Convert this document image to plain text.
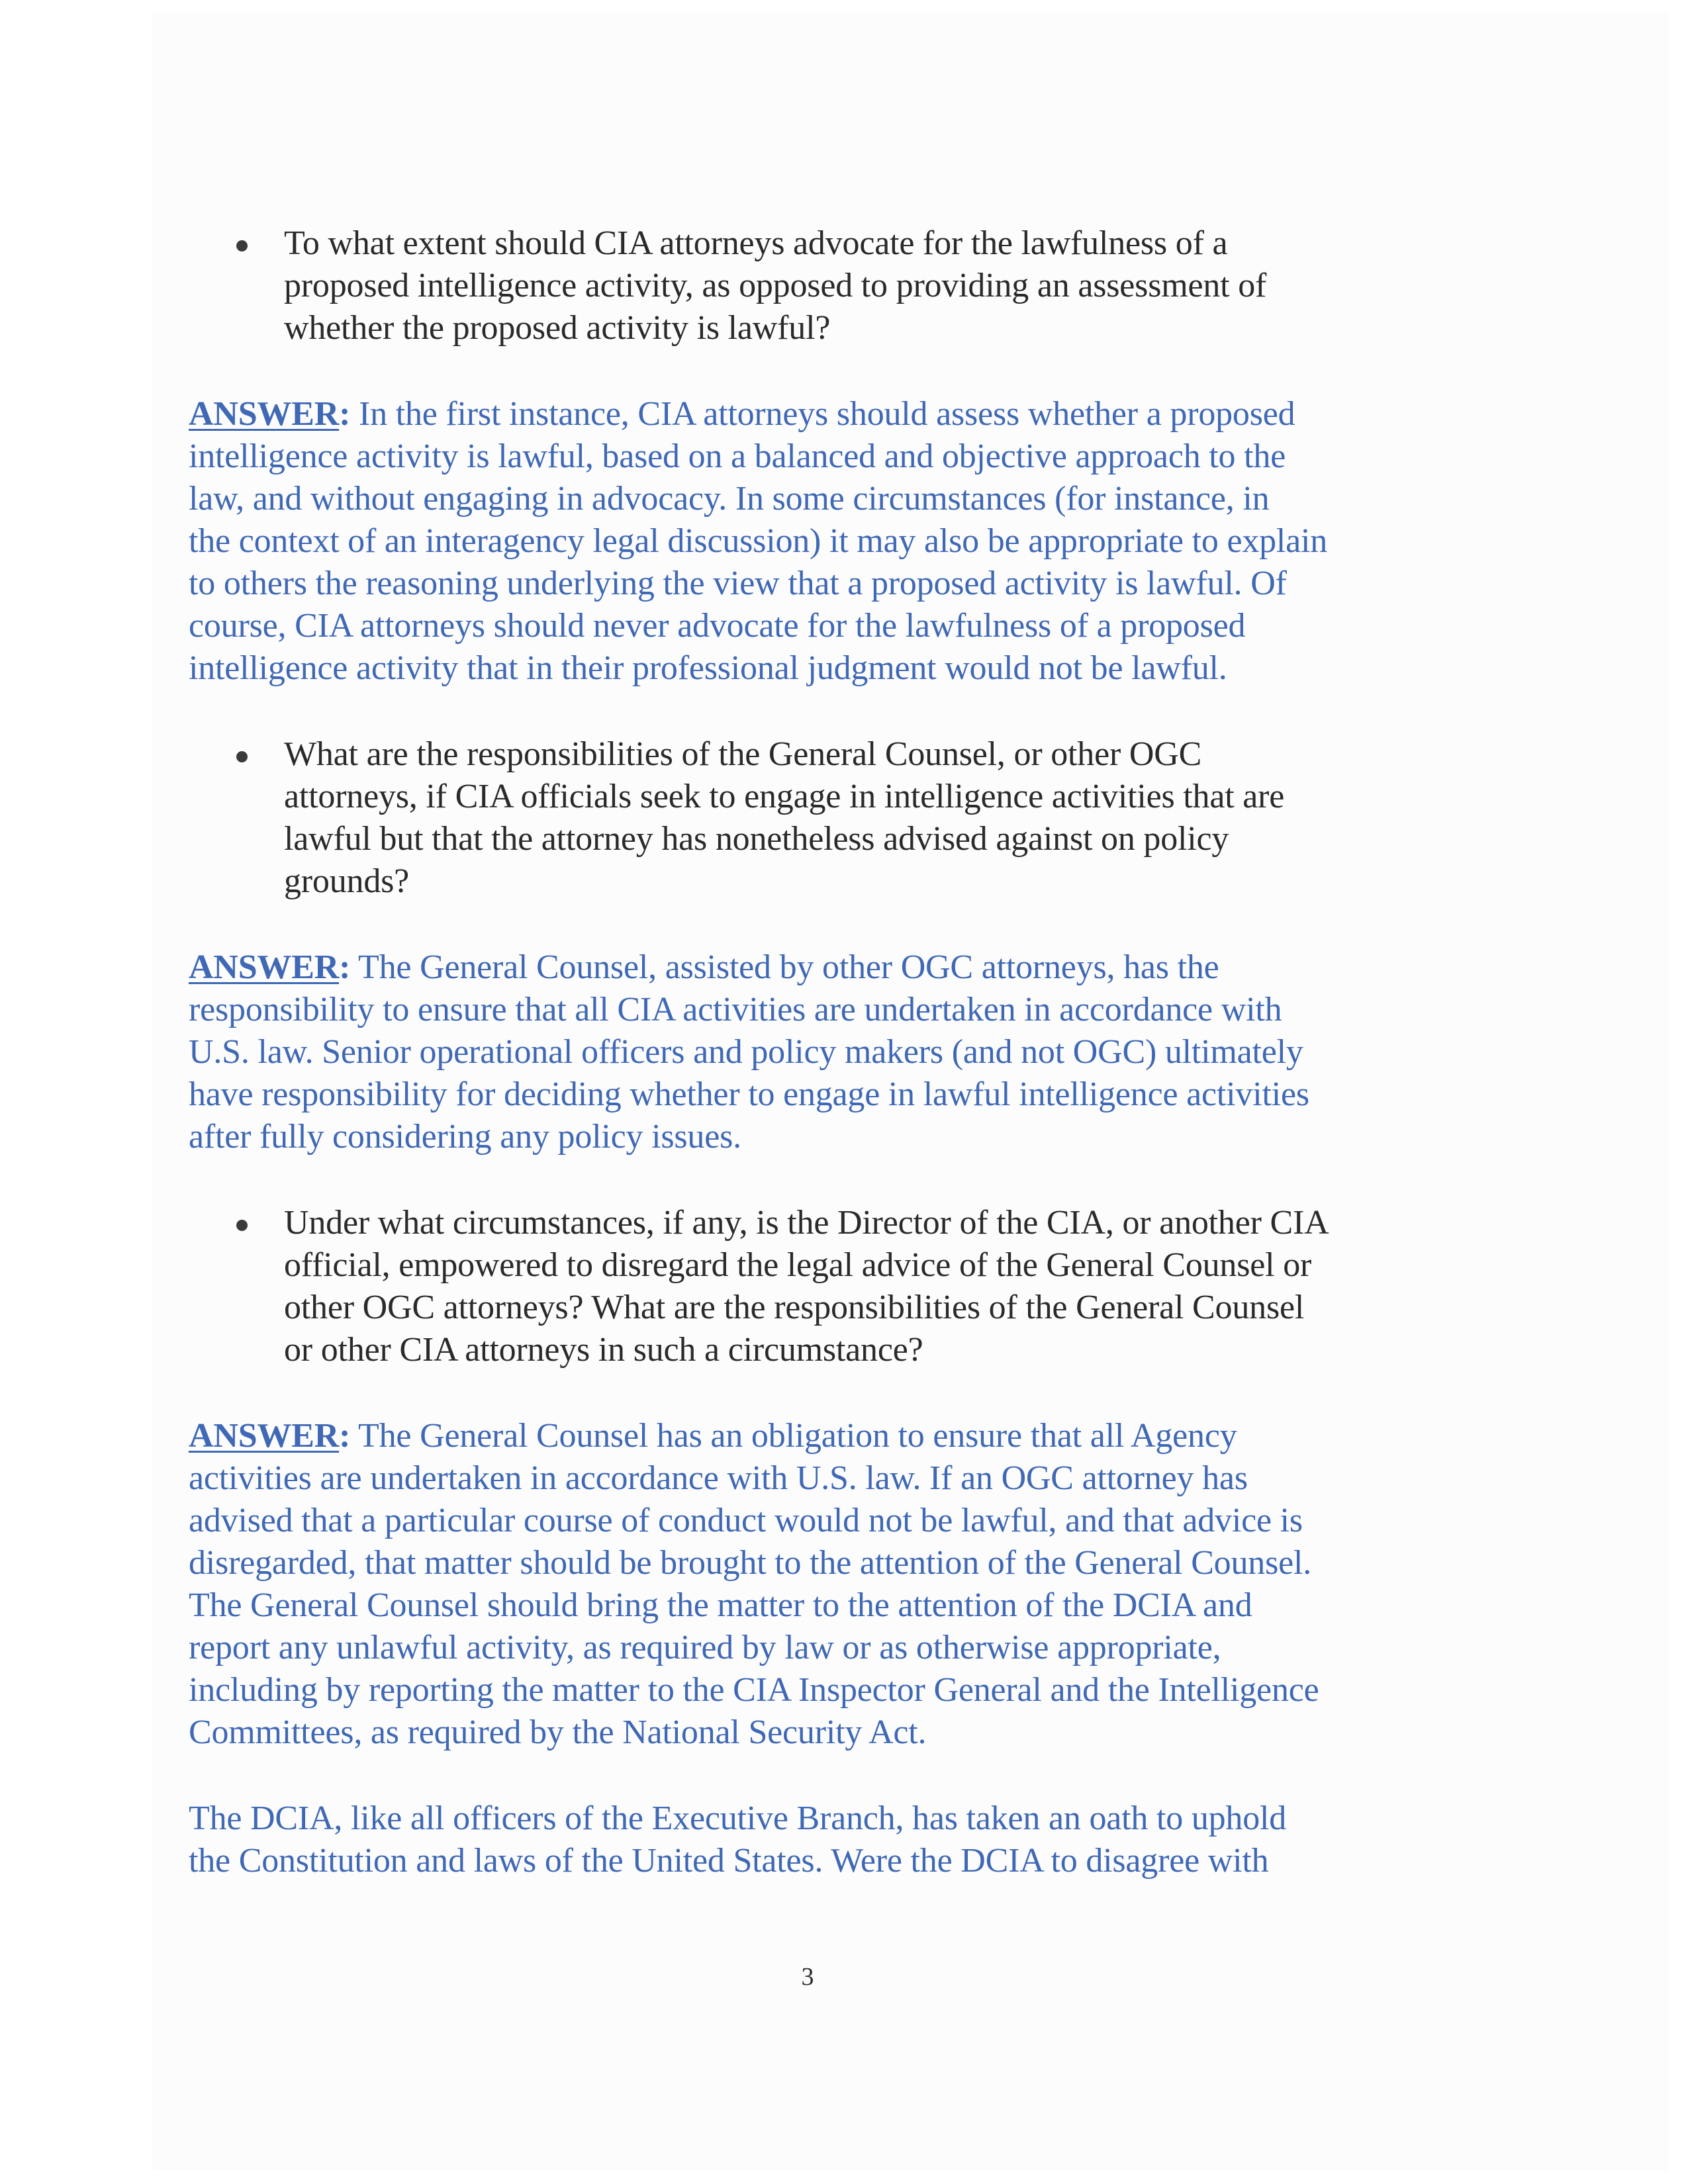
To what extent should CIA attorneys advocate for the lawfulness of a
proposed intelligence activity, as opposed to providing an assessment of
whether the proposed activity is lawful?
ANSWER: In the first instance, CIA attorneys should assess whether a proposed
intelligence activity is lawful, based on a balanced and objective approach to the
law, and without engaging in advocacy. In some circumstances (for instance, in
the context of an interagency legal discussion) it may also be appropriate to explain
to others the reasoning underlying the view that a proposed activity is lawful. Of
course, CIA attorneys should never advocate for the lawfulness of a proposed
intelligence activity that in their professional judgment would not be lawful.
What are the responsibilities of the General Counsel, or other OGC
attorneys, if CIA officials seek to engage in intelligence activities that are
lawful but that the attorney has nonetheless advised against on policy
grounds?
ANSWER: The General Counsel, assisted by other OGC attorneys, has the
responsibility to ensure that all CIA activities are undertaken in accordance with
U.S. law. Senior operational officers and policy makers (and not OGC) ultimately
have responsibility for deciding whether to engage in lawful intelligence activities
after fully considering any policy issues.
Under what circumstances, if any, is the Director of the CIA, or another CIA
official, empowered to disregard the legal advice of the General Counsel or
other OGC attorneys? What are the responsibilities of the General Counsel
or other CIA attorneys in such a circumstance?
ANSWER: The General Counsel has an obligation to ensure that all Agency
activities are undertaken in accordance with U.S. law. If an OGC attorney has
advised that a particular course of conduct would not be lawful, and that advice is
disregarded, that matter should be brought to the attention of the General Counsel.
The General Counsel should bring the matter to the attention of the DCIA and
report any unlawful activity, as required by law or as otherwise appropriate,
including by reporting the matter to the CIA Inspector General and the Intelligence
Committees, as required by the National Security Act.
The DCIA, like all officers of the Executive Branch, has taken an oath to uphold
the Constitution and laws of the United States. Were the DCIA to disagree with
3
